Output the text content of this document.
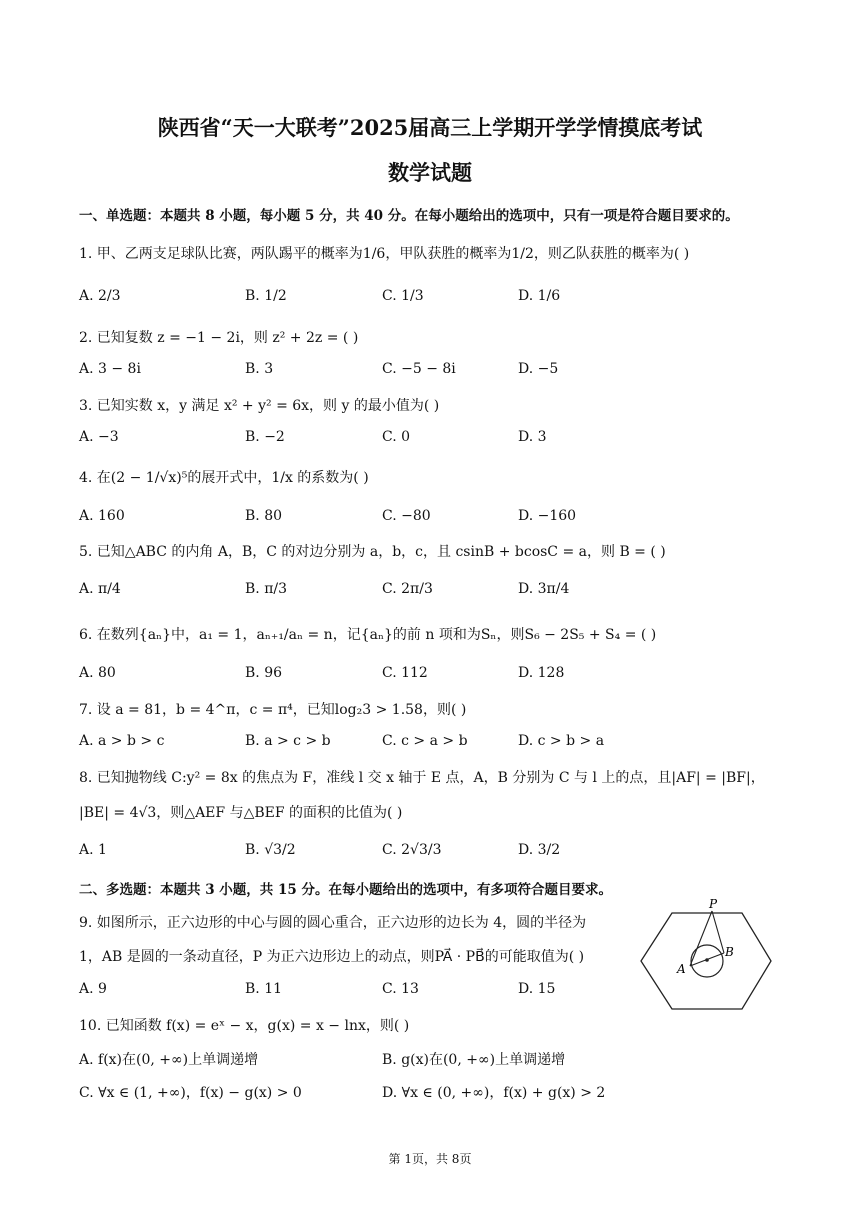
陕西省“天一大联考”2025届高三上学期开学学情摸底考试
数学试题
一、单选题：本题共 8 小题，每小题 5 分，共 40 分。在每小题给出的选项中，只有一项是符合题目要求的。
1. 甲、乙两支足球队比赛，两队踢平的概率为1/6，甲队获胜的概率为1/2，则乙队获胜的概率为( )
A. 2/3	B. 1/2	C. 1/3	D. 1/6
2. 已知复数 z = −1 − 2i，则 z² + 2z = ( )
A. 3 − 8i	B. 3	C. −5 − 8i	D. −5
3. 已知实数 x，y 满足 x² + y² = 6x，则 y 的最小值为( )
A. −3	B. −2	C. 0	D. 3
4. 在(2 − 1/√x)⁵的展开式中，1/x 的系数为( )
A. 160	B. 80	C. −80	D. −160
5. 已知△ABC 的内角 A，B，C 的对边分别为 a，b，c，且 csinB + bcosC = a，则 B = ( )
A. π/4	B. π/3	C. 2π/3	D. 3π/4
6. 在数列{aₙ}中，a₁ = 1，aₙ₊₁/aₙ = n，记{aₙ}的前 n 项和为Sₙ，则S₆ − 2S₅ + S₄ = ( )
A. 80	B. 96	C. 112	D. 128
7. 设 a = 81，b = 4^π，c = π⁴，已知log₂3 > 1.58，则( )
A. a > b > c	B. a > c > b	C. c > a > b	D. c > b > a
8. 已知抛物线 C:y² = 8x 的焦点为 F，准线 l 交 x 轴于 E 点，A，B 分别为 C 与 l 上的点，且|AF| = |BF|，
|BE| = 4√3，则△AEF 与△BEF 的面积的比值为( )
A. 1	B. √3/2	C. 2√3/3	D. 3/2
二、多选题：本题共 3 小题，共 15 分。在每小题给出的选项中，有多项符合题目要求。
9. 如图所示，正六边形的中心与圆的圆心重合，正六边形的边长为 4，圆的半径为
1，AB 是圆的一条动直径，P 为正六边形边上的动点，则PA⃗ · PB⃗的可能取值为( )
A. 9	B. 11	C. 13	D. 15
P
A
B
10. 已知函数 f(x) = eˣ − x，g(x) = x − lnx，则( )
A. f(x)在(0, +∞)上单调递增	B. g(x)在(0, +∞)上单调递增
C. ∀x ∈ (1, +∞)，f(x) − g(x) > 0	D. ∀x ∈ (0, +∞)，f(x) + g(x) > 2
第 1页，共 8页
